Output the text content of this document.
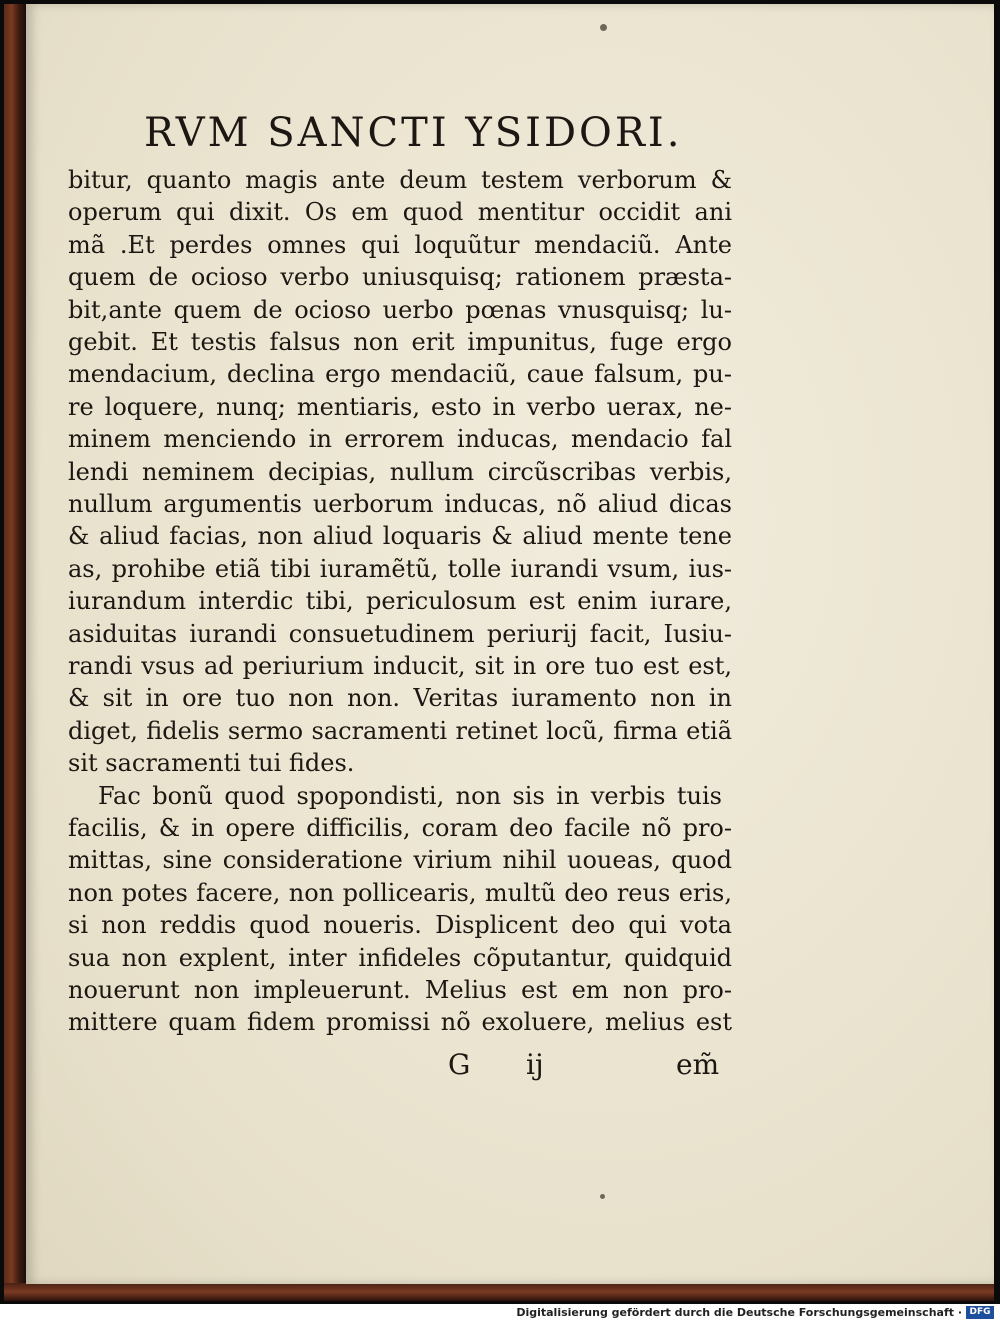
RVM SANCTI YSIDORI.
bitur, quanto magis ante deum testem verborum &
operum qui dixit. Os em quod mentitur occidit ani
mã .Et perdes omnes qui loquũtur mendaciũ. Ante
quem de ocioso verbo uniusquisq; rationem præsta-
bit,ante quem de ocioso uerbo pœnas vnusquisq; lu-
gebit. Et testis falsus non erit impunitus, fuge ergo
mendacium, declina ergo mendaciũ, caue falsum, pu-
re loquere, nunq; mentiaris, esto in verbo uerax, ne-
minem menciendo in errorem inducas, mendacio fal
lendi neminem decipias, nullum circũscribas verbis,
nullum argumentis uerborum inducas, nõ aliud dicas
& aliud facias, non aliud loquaris & aliud mente tene
as, prohibe etiã tibi iuramẽtũ, tolle iurandi vsum, ius-
iurandum interdic tibi, periculosum est enim iurare,
asiduitas iurandi consuetudinem periurij facit, Iusiu-
randi vsus ad periurium inducit, sit in ore tuo est est,
& sit in ore tuo non non. Veritas iuramento non in
diget, fidelis sermo sacramenti retinet locũ, firma etiã
sit sacramenti tui fides.
Fac bonũ quod spopondisti, non sis in verbis tuis
facilis, & in opere difficilis, coram deo facile nõ pro-
mittas, sine consideratione virium nihil uoueas, quod
non potes facere, non pollicearis, multũ deo reus eris,
si non reddis quod noueris. Displicent deo qui vota
sua non explent, inter infideles cõputantur, quidquid
nouerunt non impleuerunt. Melius est em non pro-
mittere quam fidem promissi nõ exoluere, melius est
G ij	em̃
Digitalisierung gefördert durch die Deutsche Forschungsgemeinschaft · DFG
